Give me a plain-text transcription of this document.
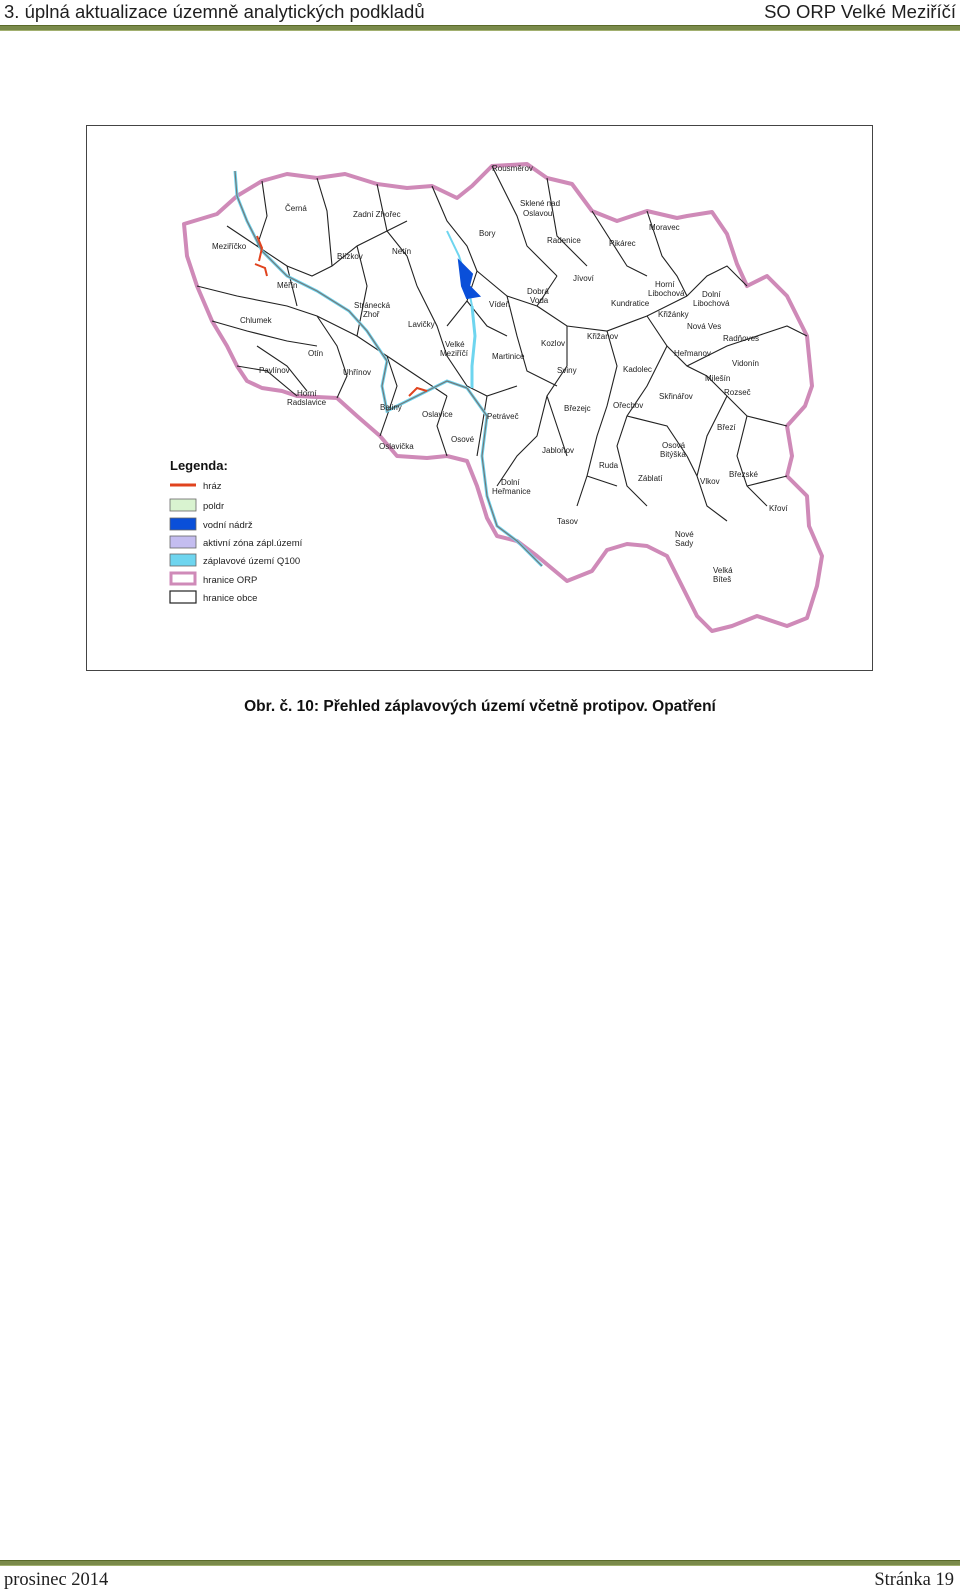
3. úplná aktualizace územně analytických podkladů	SO ORP Velké Meziříčí
Rousměrov
Černá
Zadní Zhořec
Sklené nad
Oslavou
Moravec
Meziříčko
Bory
Radenice	Pikárec
Netín
Blízkov
Horní
Libochová
Měřín
Jívoví
Dolní
Libochová
Dobrá
Voda	Kundratice
Stránecká
Zhoř
Vídeň
Chlumek	Lavičky
Křižanov
Nová Ves
Radňoves
Kozlov
Velké
Meziříčí	Martinice	Heřmanov
Otín
Vidonín
Pavlínov	Uhřínov	Sviny	Kadolec
Milešín
Horní
Radslavice
Rozseč
Skřinářov
Baliny	Březejc	Ořechov
Oslavice	Petráveč
Březí
Osové
Oslavička	Osová
Bitýška
Jabloňov
Ruda
Březské
Záblatí	Vlkov
Dolní
Heřmanice
Křoví
Tasov
Nové
Sady
Velká
Bíteš
Křižánky
Legenda:
hráz
poldr
vodní nádrž
aktivní zóna zápl.území
záplavové území Q100
hranice ORP
hranice obce
Obr. č. 10: Přehled záplavových území včetně protipov. Opatření
prosinec 2014	Stránka 19
